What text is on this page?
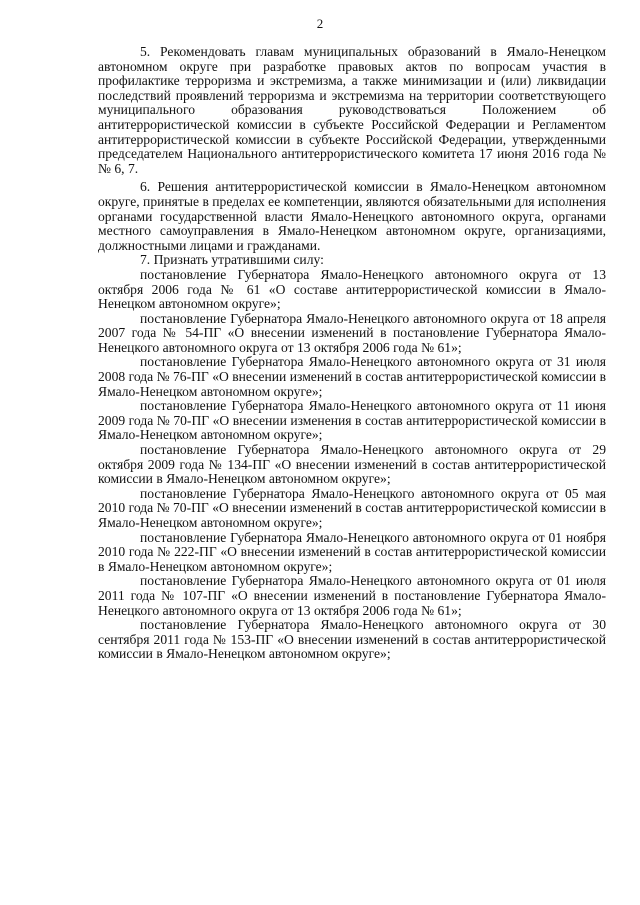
2

5. Рекомендовать главам муниципальных образований в Ямало-Ненецком автономном округе при разработке правовых актов по вопросам участия в профилактике терроризма и экстремизма, а также минимизации и (или) ликвидации последствий проявлений терроризма и экстремизма на территории соответствующего муниципального образования руководствоваться Положением об антитеррористической комиссии в субъекте Российской Федерации и Регламентом антитеррористической комиссии в субъекте Российской Федерации, утвержденными председателем Национального антитеррористического комитета 17 июня 2016 года №№ 6, 7.

6. Решения антитеррористической комиссии в Ямало-Ненецком автономном округе, принятые в пределах ее компетенции, являются обязательными для исполнения органами государственной власти Ямало-Ненецкого автономного округа, органами местного самоуправления в Ямало-Ненецком автономном округе, организациями, должностными лицами и гражданами.

7. Признать утратившими силу:

постановление Губернатора Ямало-Ненецкого автономного округа от 13 октября 2006 года № 61 «О составе антитеррористической комиссии в Ямало-Ненецком автономном округе»;

постановление Губернатора Ямало-Ненецкого автономного округа от 18 апреля 2007 года № 54-ПГ «О внесении изменений в постановление Губернатора Ямало-Ненецкого автономного округа от 13 октября 2006 года № 61»;

постановление Губернатора Ямало-Ненецкого автономного округа от 31 июля 2008 года № 76-ПГ «О внесении изменений в состав антитеррористической комиссии в Ямало-Ненецком автономном округе»;

постановление Губернатора Ямало-Ненецкого автономного округа от 11 июня 2009 года № 70-ПГ «О внесении изменения в состав антитеррористической комиссии в Ямало-Ненецком автономном округе»;

постановление Губернатора Ямало-Ненецкого автономного округа от 29 октября 2009 года № 134-ПГ «О внесении изменений в состав антитеррористической комиссии в Ямало-Ненецком автономном округе»;

постановление Губернатора Ямало-Ненецкого автономного округа от 05 мая 2010 года № 70-ПГ «О внесении изменений в состав антитеррористической комиссии в Ямало-Ненецком автономном округе»;

постановление Губернатора Ямало-Ненецкого автономного округа от 01 ноября 2010 года № 222-ПГ «О внесении изменений в состав антитеррористической комиссии в Ямало-Ненецком автономном округе»;

постановление Губернатора Ямало-Ненецкого автономного округа от 01 июля 2011 года № 107-ПГ «О внесении изменений в постановление Губернатора Ямало-Ненецкого автономного округа от 13 октября 2006 года № 61»;

постановление Губернатора Ямало-Ненецкого автономного округа от 30 сентября 2011 года № 153-ПГ «О внесении изменений в состав антитеррористической комиссии в Ямало-Ненецком автономном округе»;
